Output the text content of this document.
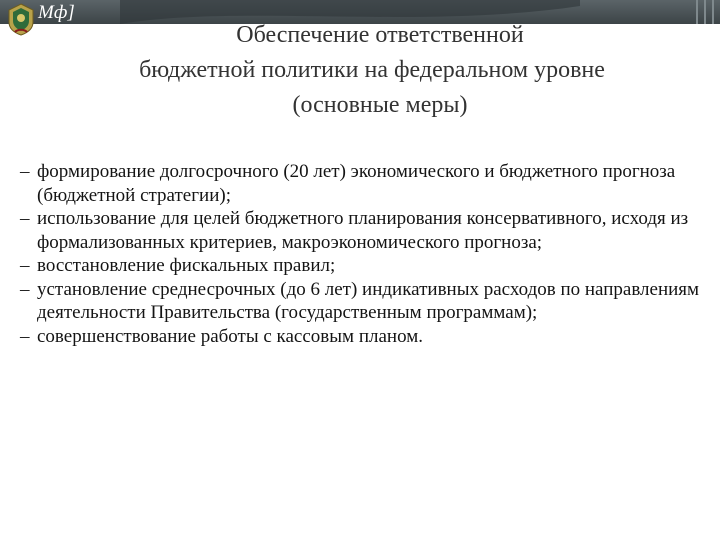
Мф]
Обеспечение ответственной
бюджетной политики на федеральном уровне
(основные меры)
– формирование долгосрочного (20 лет) экономического и бюджетного прогноза (бюджетной стратегии);
– использование для целей бюджетного планирования консервативного, исходя из формализованных критериев, макроэкономического прогноза;
– восстановление фискальных правил;
– установление среднесрочных (до 6 лет) индикативных расходов по направлениям деятельности Правительства (государственным программам);
– совершенствование работы с кассовым планом.
